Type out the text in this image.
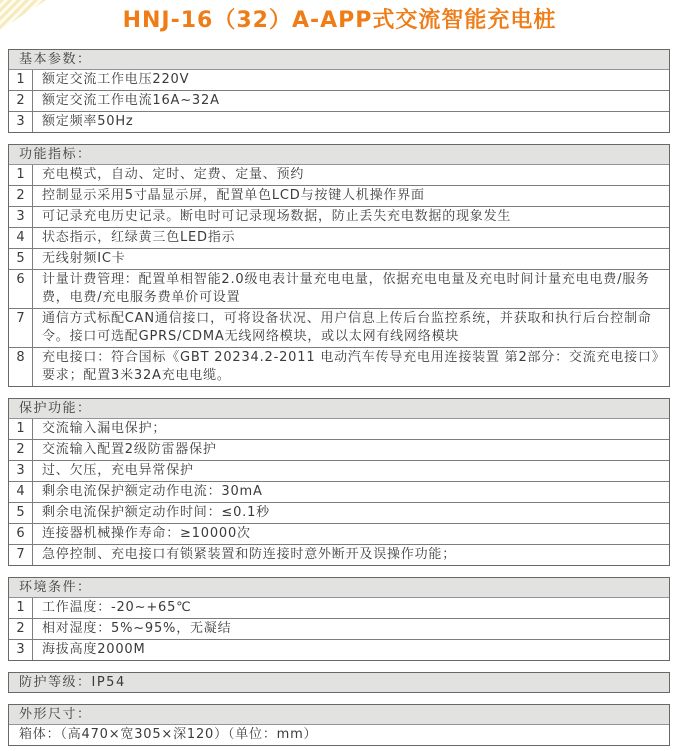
HNJ-16（32）A-APP式交流智能充电桩
基本参数：
1	额定交流工作电压220V
2	额定交流工作电流16A~32A
3	额定频率50Hz
功能指标：
1	充电模式，自动、定时、定费、定量、预约
2	控制显示采用5寸晶显示屏，配置单色LCD与按键人机操作界面
3	可记录充电历史记录。断电时可记录现场数据，防止丢失充电数据的现象发生
4	状态指示，红绿黄三色LED指示
5	无线射频IC卡
6	计量计费管理：配置单相智能2.0级电表计量充电电量，依据充电电量及充电时间计量充电电费/服务费，电费/充电服务费单价可设置
7	通信方式标配CAN通信接口，可将设备状况、用户信息上传后台监控系统，并获取和执行后台控制命令。接口可选配GPRS/CDMA无线网络模块，或以太网有线网络模块
8	充电接口：符合国标《GBT 20234.2-2011 电动汽车传导充电用连接装置 第2部分：交流充电接口》要求；配置3米32A充电电缆。
保护功能：
1	交流输入漏电保护；
2	交流输入配置2级防雷器保护
3	过、欠压，充电异常保护
4	剩余电流保护额定动作电流：30mA
5	剩余电流保护额定动作时间：≤0.1秒
6	连接器机械操作寿命：≥10000次
7	急停控制、充电接口有锁紧装置和防连接时意外断开及误操作功能；
环境条件：
1	工作温度：-20~+65℃
2	相对湿度：5%~95%，无凝结
3	海拔高度2000M
防护等级：IP54
外形尺寸：
箱体：（高470×宽305×深120）（单位：mm）
